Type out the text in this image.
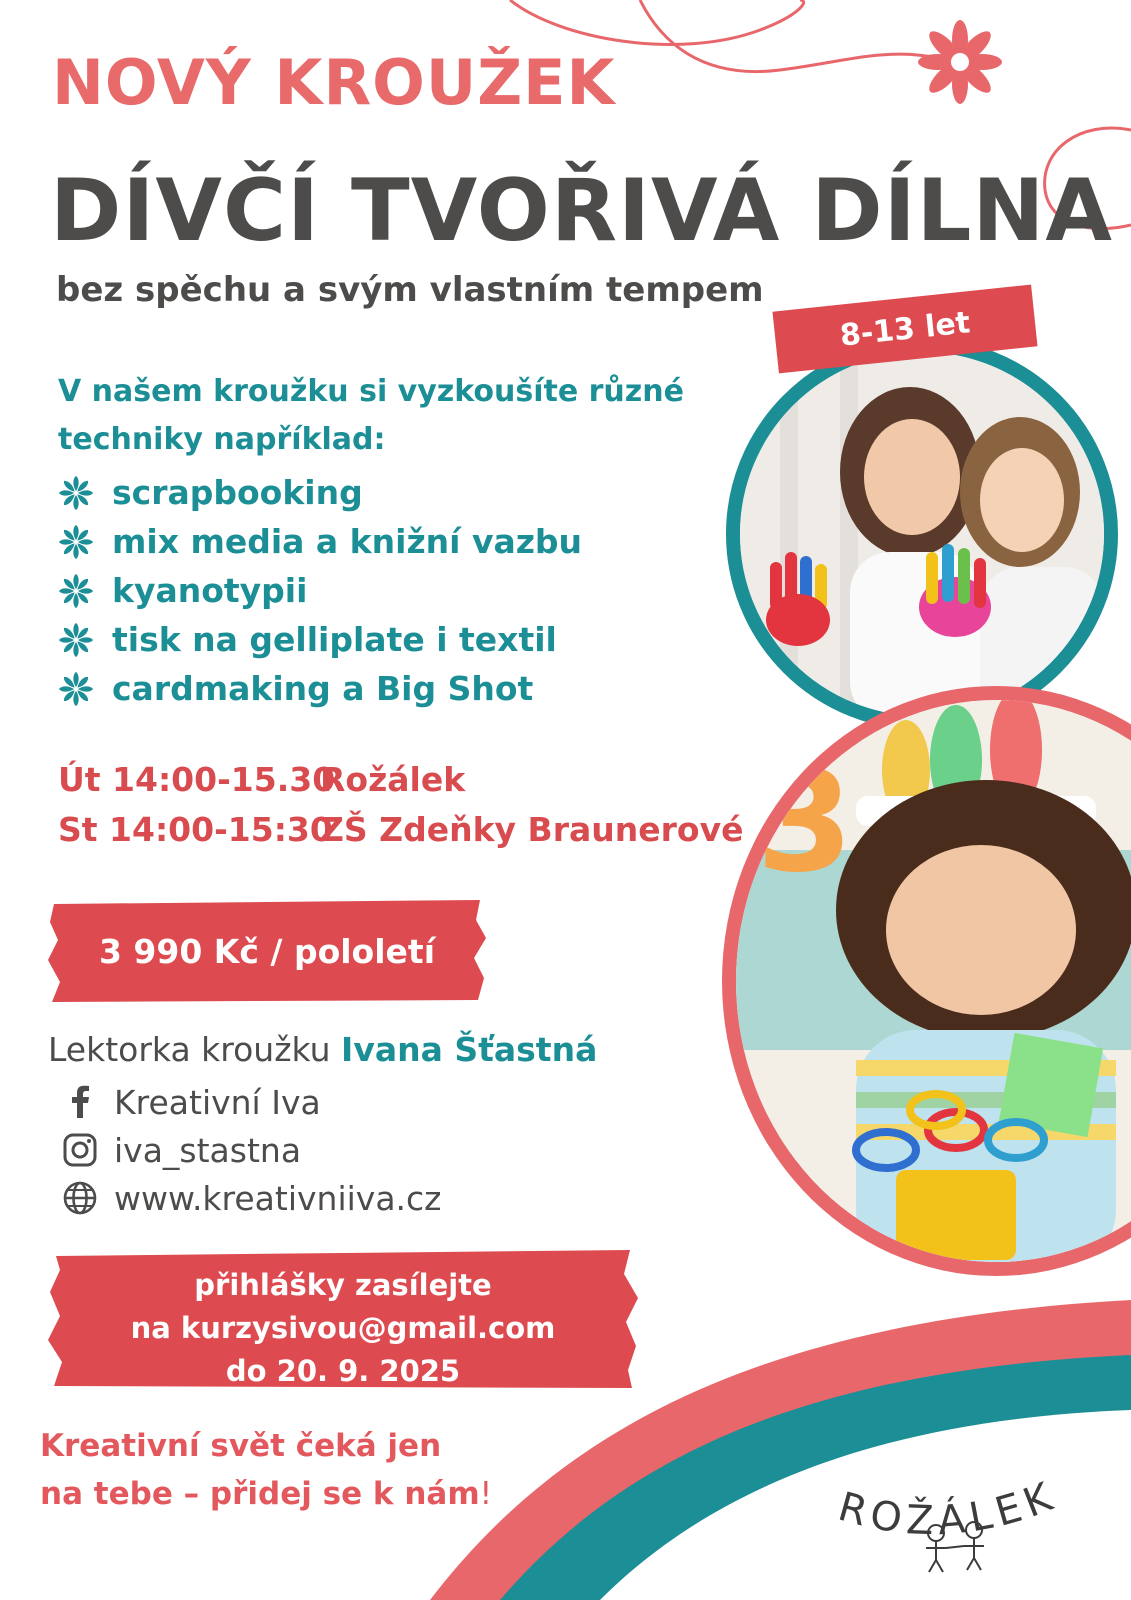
NOVÝ KROUŽEK
DÍVČÍ TVOŘIVÁ DÍLNA
bez spěchu a svým vlastním tempem
3
8-13 let
V našem kroužku si vyzkoušíte různé techniky například:
scrapbooking
mix media a knižní vazbu
kyanotypii
tisk na gelliplate i textil
cardmaking a Big Shot
Út 14:00-15.30
Rožálek
St 14:00-15:30
ZŠ Zdeňky Braunerové
3 990 Kč / pololetí
Lektorka kroužku Ivana Šťastná
Kreativní Iva
iva_stastna
www.kreativniiva.cz
přihlášky zasílejte
na kurzysivou@gmail.com
do 20. 9. 2025
Kreativní svět čeká jen
na tebe – přidej se k nám!	ROŽÁLEK
